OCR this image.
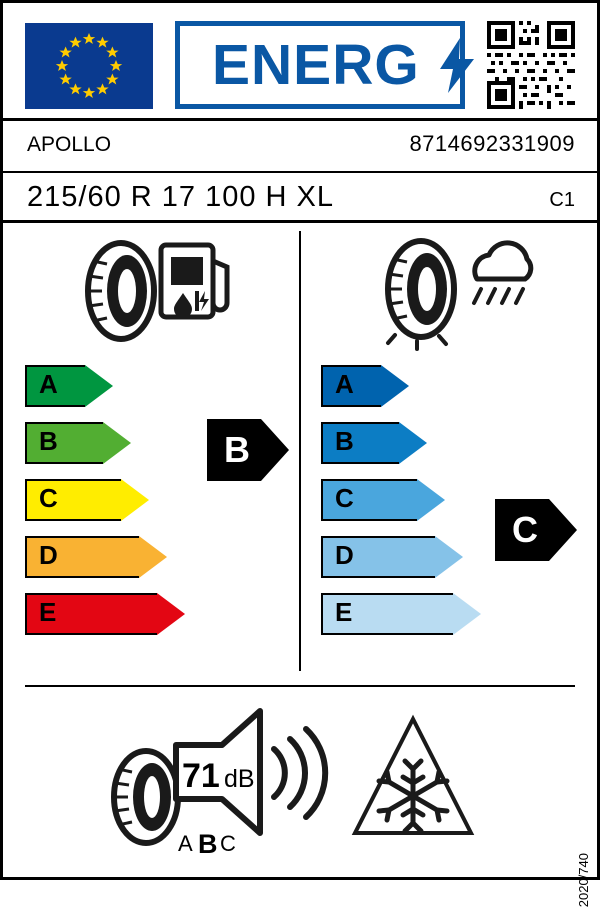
ENERG
APOLLO	8714692331909
215/60 R 17 100 H XL	C1
A
B
C
D
E
A
B
C
D
E
B
C
71 dB
A B C
2020/740
